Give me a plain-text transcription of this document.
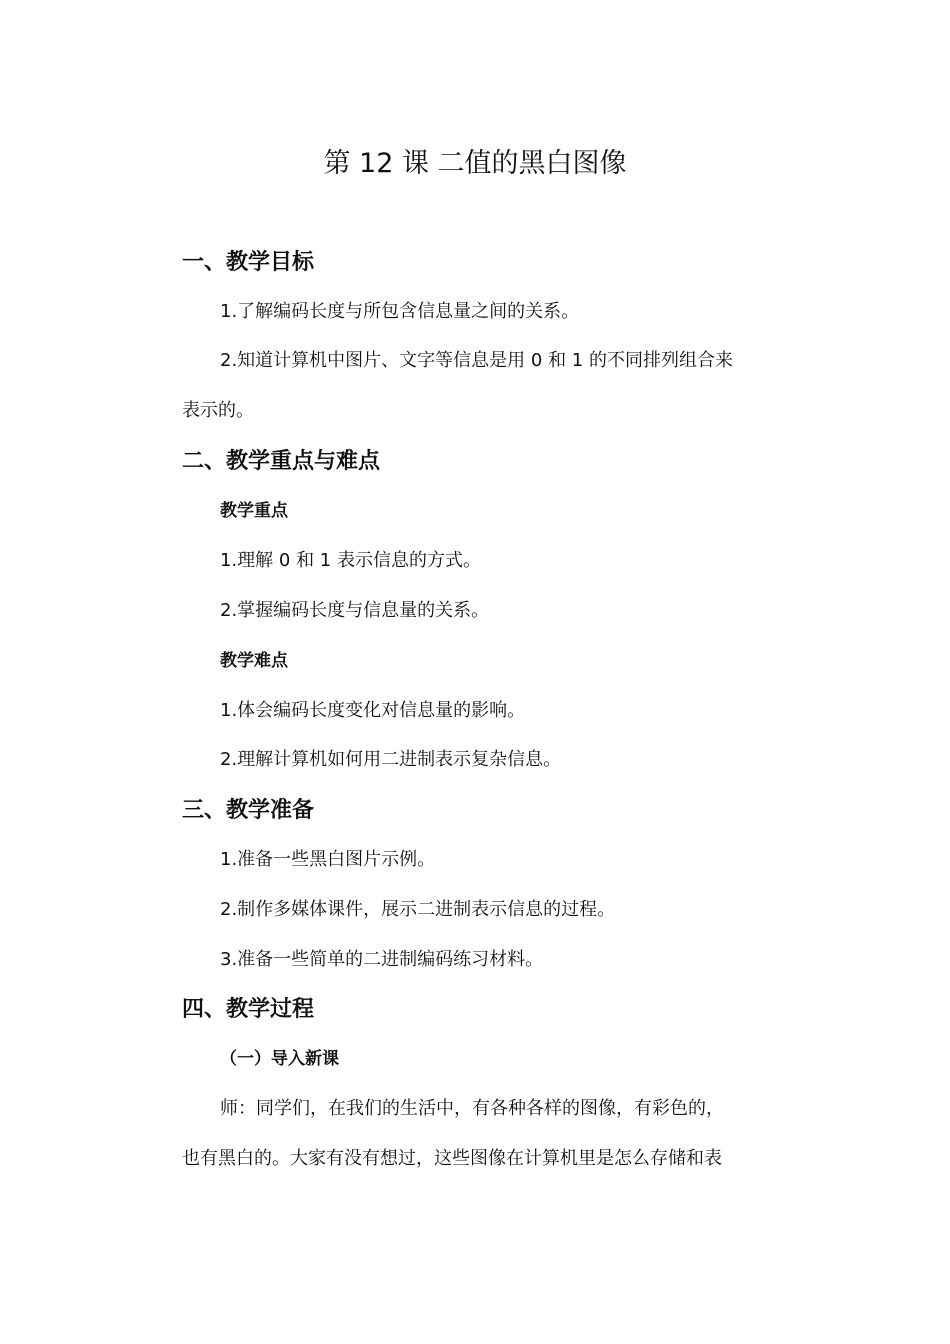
第 12 课 二值的黑白图像
一、教学目标
1.了解编码长度与所包含信息量之间的关系。
2.知道计算机中图片、文字等信息是用 0 和 1 的不同排列组合来
表示的。
二、教学重点与难点
教学重点
1.理解 0 和 1 表示信息的方式。
2.掌握编码长度与信息量的关系。
教学难点
1.体会编码长度变化对信息量的影响。
2.理解计算机如何用二进制表示复杂信息。
三、教学准备
1.准备一些黑白图片示例。
2.制作多媒体课件，展示二进制表示信息的过程。
3.准备一些简单的二进制编码练习材料。
四、教学过程
（一）导入新课
师：同学们，在我们的生活中，有各种各样的图像，有彩色的，
也有黑白的。大家有没有想过，这些图像在计算机里是怎么存储和表
